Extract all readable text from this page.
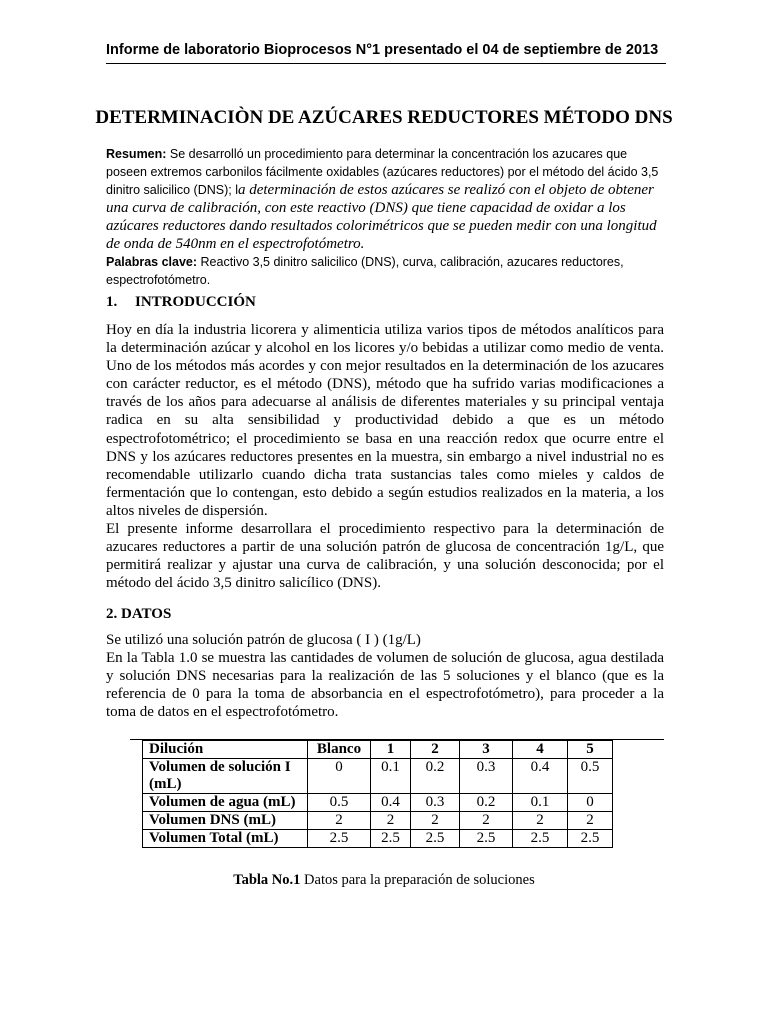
Informe de laboratorio Bioprocesos N°1 presentado el 04 de septiembre de 2013
DETERMINACIÒN DE AZÚCARES REDUCTORES MÉTODO DNS
Resumen: Se desarrolló un procedimiento para determinar la concentración los azucares que poseen extremos carbonilos fácilmente oxidables (azúcares reductores) por el método del ácido 3,5 dinitro salicilico (DNS); la determinación de estos azúcares se realizó con el objeto de obtener una curva de calibración, con este reactivo (DNS) que tiene capacidad de oxidar a los azúcares reductores dando resultados colorimétricos que se pueden medir con una longitud de onda de 540nm en el espectrofotómetro.
Palabras clave: Reactivo 3,5 dinitro salicilico (DNS), curva, calibración, azucares reductores, espectrofotómetro.
1. INTRODUCCIÓN

Hoy en día la industria licorera y alimenticia utiliza varios tipos de métodos analíticos para la determinación azúcar y alcohol en los licores y/o bebidas a utilizar como medio de venta. Uno de los métodos más acordes y con mejor resultados en la determinación de los azucares con carácter reductor, es el método (DNS), método que ha sufrido varias modificaciones a través de los años para adecuarse al análisis de diferentes materiales y su principal ventaja radica en su alta sensibilidad y productividad debido a que es un método espectrofotométrico; el procedimiento se basa en una reacción redox que ocurre entre el DNS y los azúcares reductores presentes en la muestra, sin embargo a nivel industrial no es recomendable utilizarlo cuando dicha trata sustancias tales como mieles y caldos de fermentación que lo contengan, esto debido a según estudios realizados en la materia, a los altos niveles de dispersión.

El presente informe desarrollara el procedimiento respectivo para la determinación de azucares reductores a partir de una solución patrón de glucosa de concentración 1g/L, que permitirá realizar y ajustar una curva de calibración, y una solución desconocida; por el método del ácido 3,5 dinitro salicílico (DNS).

2. DATOS

Se utilizó una solución patrón de glucosa ( I ) (1g/L)

En la Tabla 1.0 se muestra las cantidades de volumen de solución de glucosa, agua destilada y solución DNS necesarias para la realización de las 5 soluciones y el blanco (que es la referencia de 0 para la toma de absorbancia en el espectrofotómetro), para proceder a la toma de datos en el espectrofotómetro.

Dilución	Blanco	1	2	3	4	5
Volumen de solución I (mL)	0	0.1	0.2	0.3	0.4	0.5
Volumen de agua (mL)	0.5	0.4	0.3	0.2	0.1	0
Volumen DNS (mL)	2	2	2	2	2	2
Volumen Total (mL)	2.5	2.5	2.5	2.5	2.5	2.5
Tabla No.1 Datos para la preparación de soluciones
